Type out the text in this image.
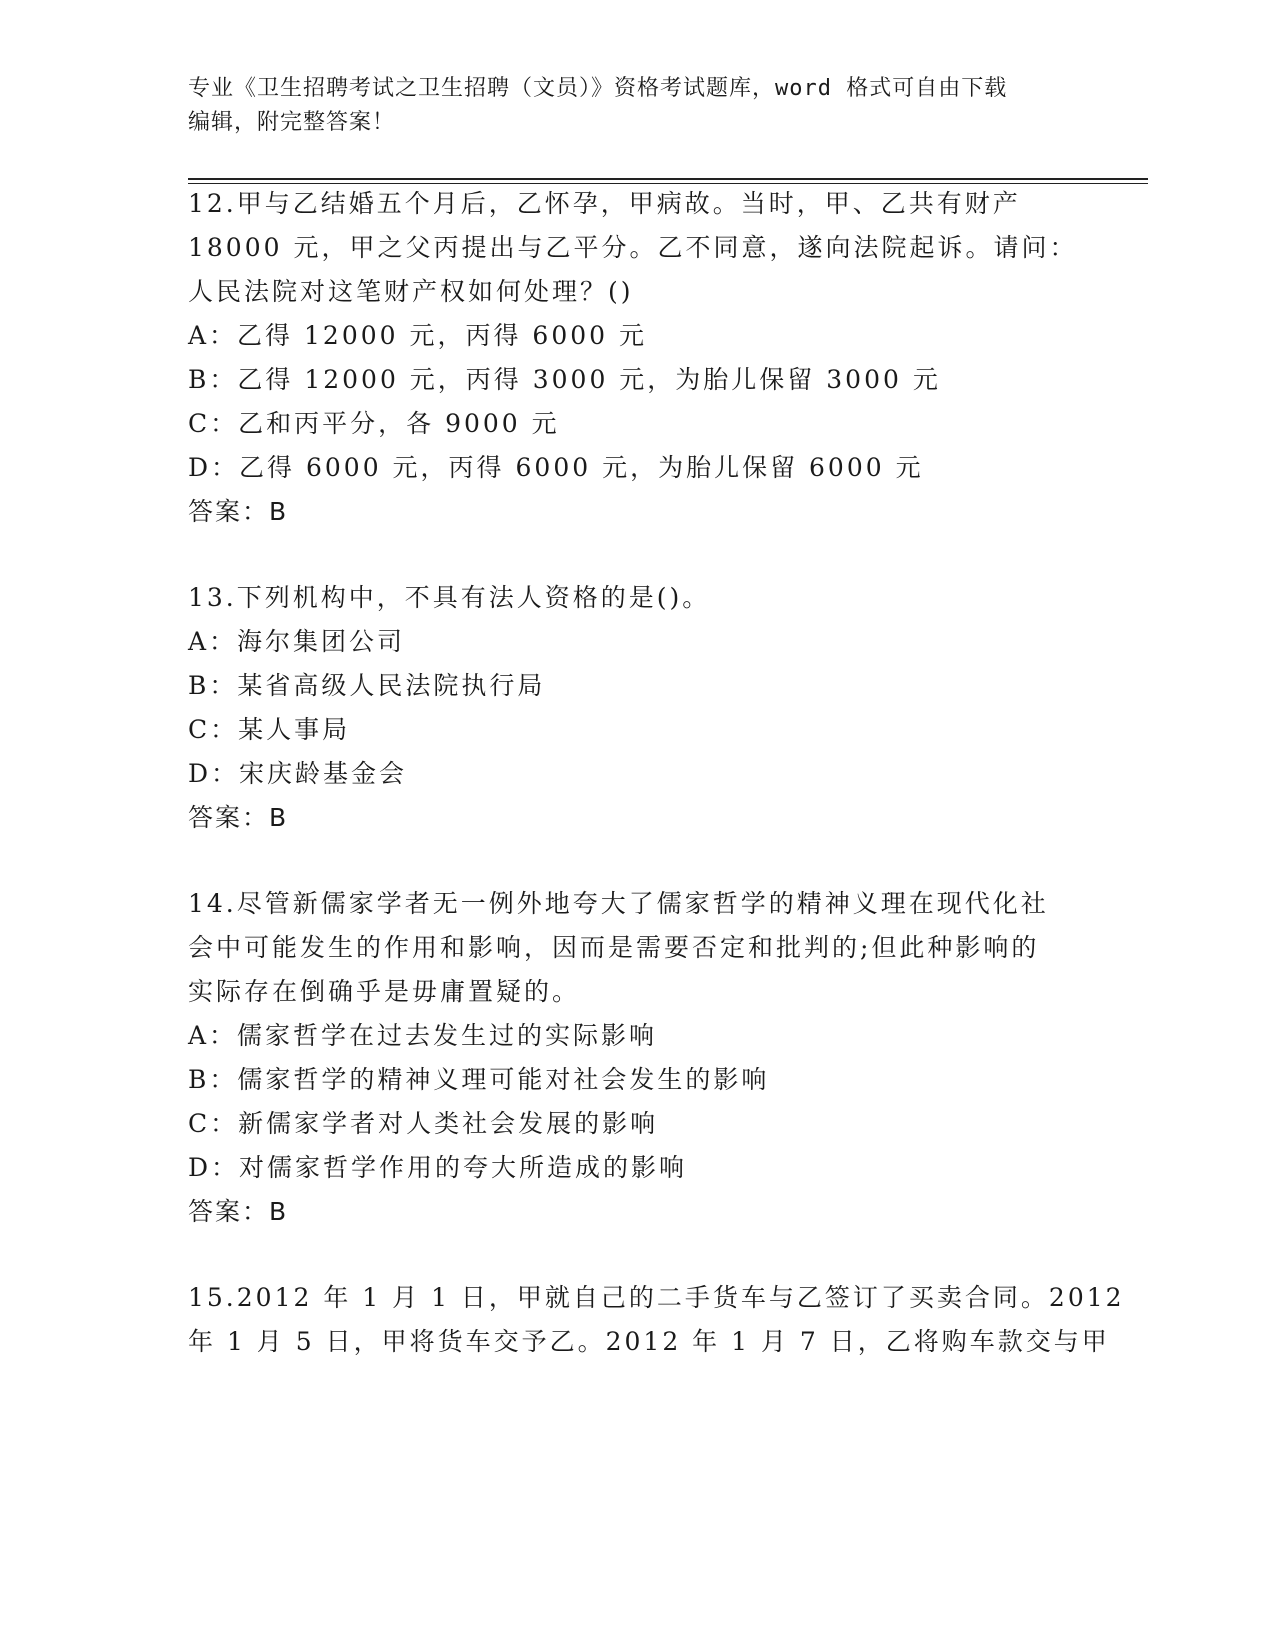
专业《卫生招聘考试之卫生招聘（文员）》资格考试题库，word 格式可自由下载
编辑，附完整答案！
12.甲与乙结婚五个月后，乙怀孕，甲病故。当时，甲、乙共有财产
18000 元，甲之父丙提出与乙平分。乙不同意，遂向法院起诉。请问：
人民法院对这笔财产权如何处理？()
A：乙得 12000 元，丙得 6000 元
B：乙得 12000 元，丙得 3000 元，为胎儿保留 3000 元
C：乙和丙平分，各 9000 元
D：乙得 6000 元，丙得 6000 元，为胎儿保留 6000 元
答案：B
13.下列机构中，不具有法人资格的是()。
A：海尔集团公司
B：某省高级人民法院执行局
C：某人事局
D：宋庆龄基金会
答案：B
14.尽管新儒家学者无一例外地夸大了儒家哲学的精神义理在现代化社
会中可能发生的作用和影响，因而是需要否定和批判的;但此种影响的
实际存在倒确乎是毋庸置疑的。
A：儒家哲学在过去发生过的实际影响
B：儒家哲学的精神义理可能对社会发生的影响
C：新儒家学者对人类社会发展的影响
D：对儒家哲学作用的夸大所造成的影响
答案：B
15.2012 年 1 月 1 日，甲就自己的二手货车与乙签订了买卖合同。2012
年 1 月 5 日，甲将货车交予乙。2012 年 1 月 7 日，乙将购车款交与甲
